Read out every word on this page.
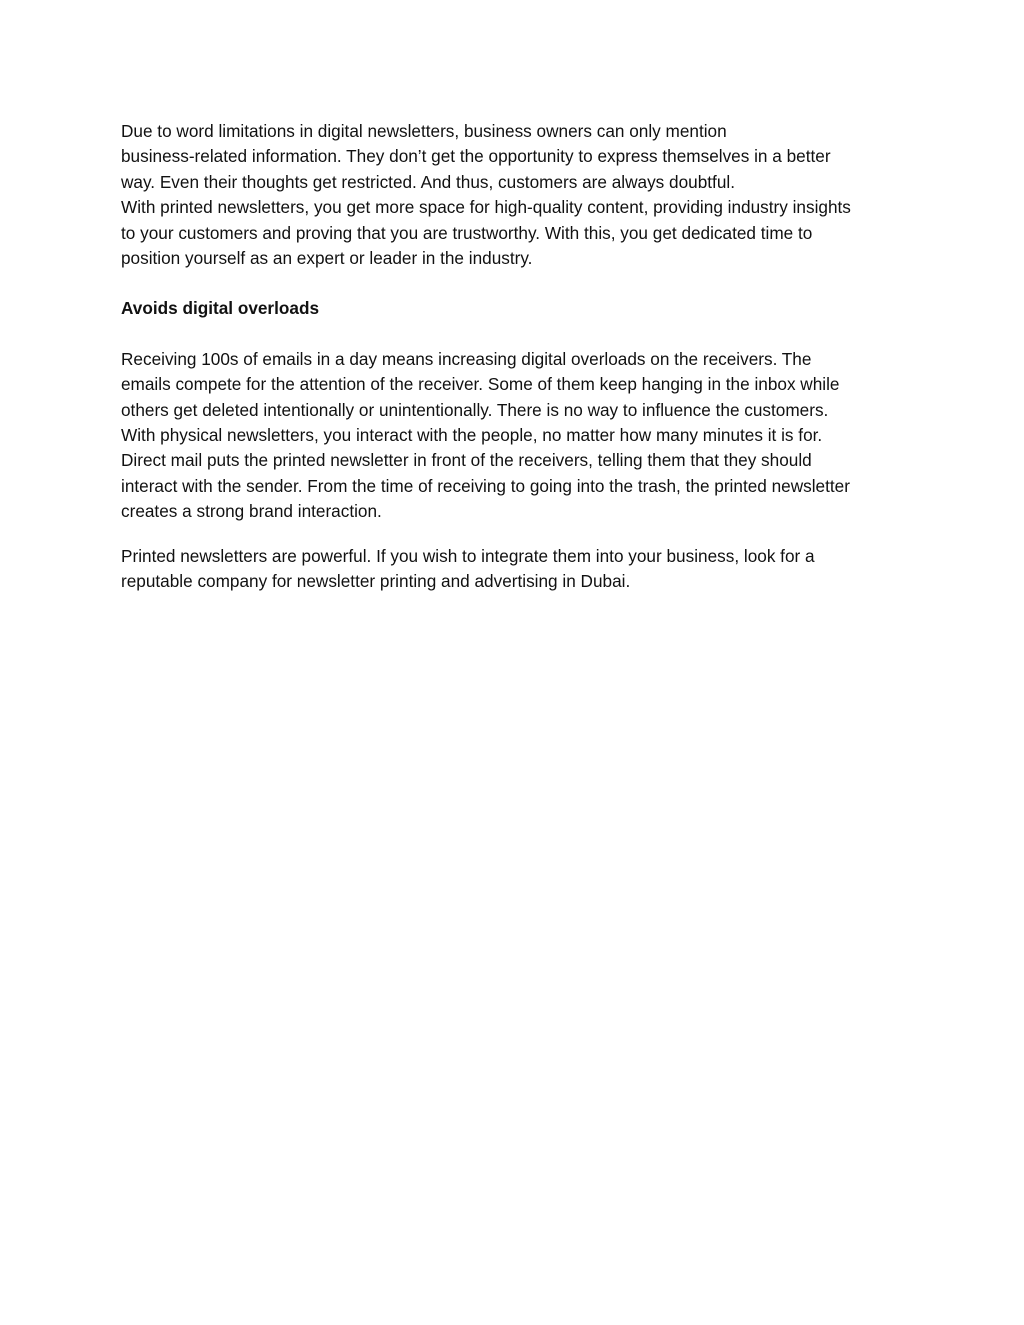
Due to word limitations in digital newsletters, business owners can only mention
business-related information. They don’t get the opportunity to express themselves in a better
way. Even their thoughts get restricted. And thus, customers are always doubtful.
With printed newsletters, you get more space for high-quality content, providing industry insights
to your customers and proving that you are trustworthy. With this, you get dedicated time to
position yourself as an expert or leader in the industry.

Avoids digital overloads

Receiving 100s of emails in a day means increasing digital overloads on the receivers. The
emails compete for the attention of the receiver. Some of them keep hanging in the inbox while
others get deleted intentionally or unintentionally. There is no way to influence the customers.
With physical newsletters, you interact with the people, no matter how many minutes it is for.
Direct mail puts the printed newsletter in front of the receivers, telling them that they should
interact with the sender. From the time of receiving to going into the trash, the printed newsletter
creates a strong brand interaction.

Printed newsletters are powerful. If you wish to integrate them into your business, look for a
reputable company for newsletter printing and advertising in Dubai.
